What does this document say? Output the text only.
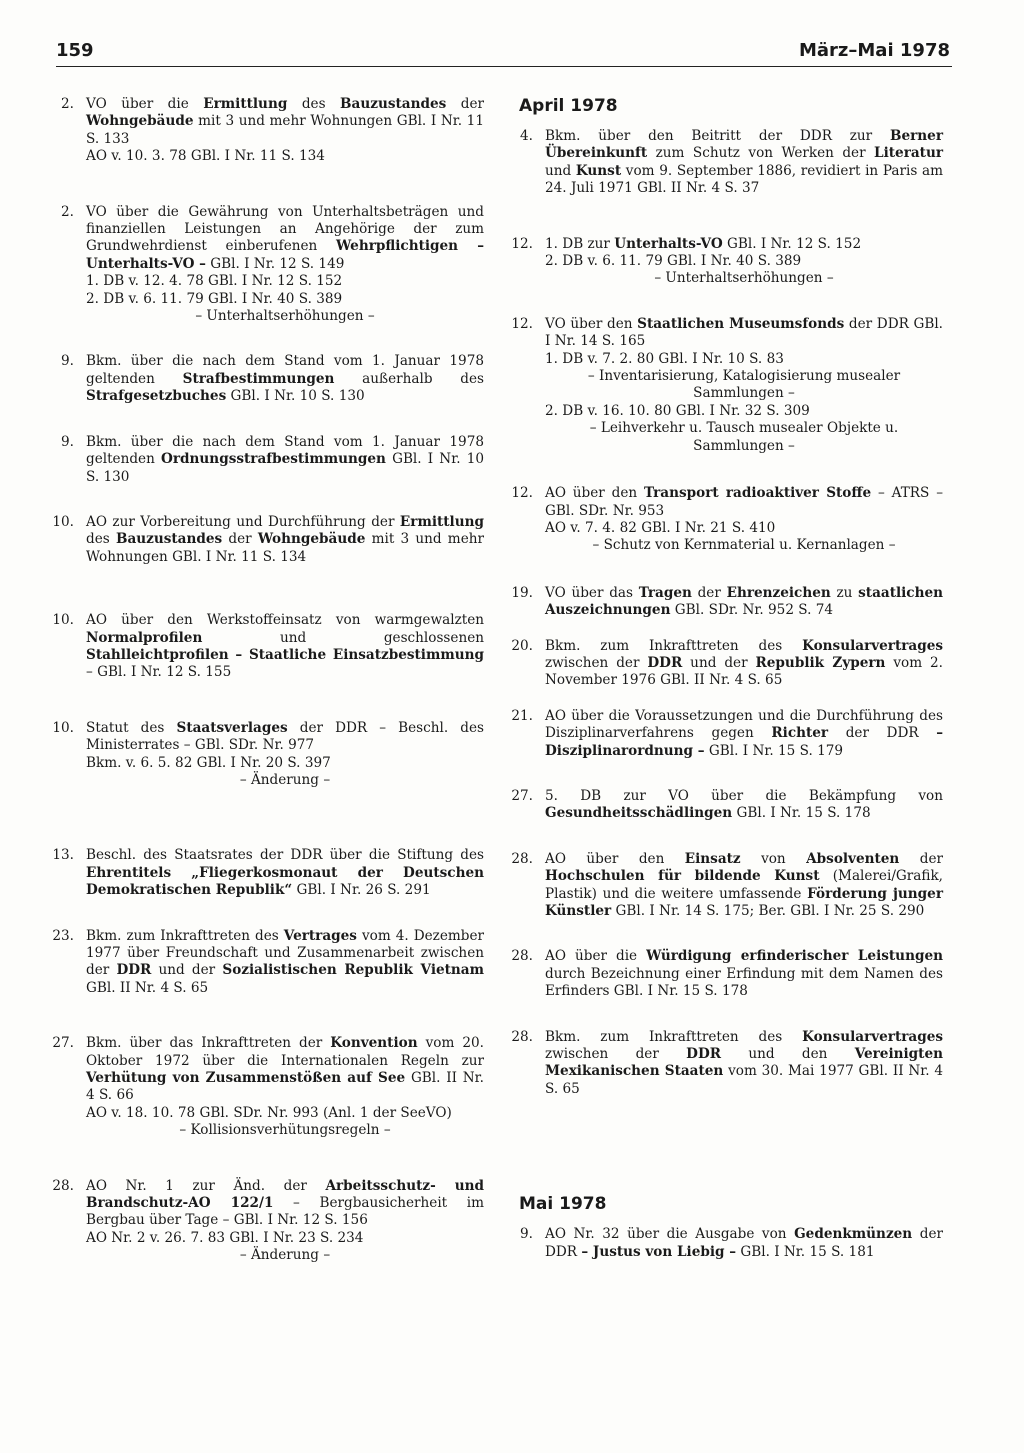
159	März–Mai 1978
2. VO über die Ermittlung des Bauzustandes der Wohngebäude mit 3 und mehr Wohnungen GBl. I Nr. 11 S. 133
AO v. 10. 3. 78 GBl. I Nr. 11 S. 134
2. VO über die Gewährung von Unterhaltsbeträgen und finanziellen Leistungen an Angehörige der zum Grundwehrdienst einberufenen Wehrpflichtigen – Unterhalts-VO – GBl. I Nr. 12 S. 149
1. DB v. 12. 4. 78 GBl. I Nr. 12 S. 152
2. DB v. 6. 11. 79 GBl. I Nr. 40 S. 389
– Unterhaltserhöhungen –
9. Bkm. über die nach dem Stand vom 1. Januar 1978 geltenden Strafbestimmungen außerhalb des Strafgesetzbuches GBl. I Nr. 10 S. 130
9. Bkm. über die nach dem Stand vom 1. Januar 1978 geltenden Ordnungsstrafbestimmungen GBl. I Nr. 10 S. 130
10. AO zur Vorbereitung und Durchführung der Ermittlung des Bauzustandes der Wohngebäude mit 3 und mehr Wohnungen GBl. I Nr. 11 S. 134
10. AO über den Werkstoffeinsatz von warmgewalzten Normalprofilen und geschlossenen Stahlleichtprofilen – Staatliche Einsatzbestimmung – GBl. I Nr. 12 S. 155
10. Statut des Staatsverlages der DDR – Beschl. des Ministerrates – GBl. SDr. Nr. 977
Bkm. v. 6. 5. 82 GBl. I Nr. 20 S. 397
– Änderung –
13. Beschl. des Staatsrates der DDR über die Stiftung des Ehrentitels „Fliegerkosmonaut der Deutschen Demokratischen Republik“ GBl. I Nr. 26 S. 291
23. Bkm. zum Inkrafttreten des Vertrages vom 4. Dezember 1977 über Freundschaft und Zusammenarbeit zwischen der DDR und der Sozialistischen Republik Vietnam GBl. II Nr. 4 S. 65
27. Bkm. über das Inkrafttreten der Konvention vom 20. Oktober 1972 über die Internationalen Regeln zur Verhütung von Zusammenstößen auf See GBl. II Nr. 4 S. 66
AO v. 18. 10. 78 GBl. SDr. Nr. 993 (Anl. 1 der SeeVO)
– Kollisionsverhütungsregeln –
28. AO Nr. 1 zur Änd. der Arbeitsschutz- und Brandschutz-AO 122/1 – Bergbausicherheit im Bergbau über Tage – GBl. I Nr. 12 S. 156
AO Nr. 2 v. 26. 7. 83 GBl. I Nr. 23 S. 234
– Änderung –
April 1978
4. Bkm. über den Beitritt der DDR zur Berner Übereinkunft zum Schutz von Werken der Literatur und Kunst vom 9. September 1886, revidiert in Paris am 24. Juli 1971 GBl. II Nr. 4 S. 37
12. 1. DB zur Unterhalts-VO GBl. I Nr. 12 S. 152
2. DB v. 6. 11. 79 GBl. I Nr. 40 S. 389
– Unterhaltserhöhungen –
12. VO über den Staatlichen Museumsfonds der DDR GBl. I Nr. 14 S. 165
1. DB v. 7. 2. 80 GBl. I Nr. 10 S. 83
– Inventarisierung, Katalogisierung musealer Sammlungen –
2. DB v. 16. 10. 80 GBl. I Nr. 32 S. 309
– Leihverkehr u. Tausch musealer Objekte u. Sammlungen –
12. AO über den Transport radioaktiver Stoffe – ATRS – GBl. SDr. Nr. 953
AO v. 7. 4. 82 GBl. I Nr. 21 S. 410
– Schutz von Kernmaterial u. Kernanlagen –
19. VO über das Tragen der Ehrenzeichen zu staatlichen Auszeichnungen GBl. SDr. Nr. 952 S. 74
20. Bkm. zum Inkrafttreten des Konsularvertrages zwischen der DDR und der Republik Zypern vom 2. November 1976 GBl. II Nr. 4 S. 65
21. AO über die Voraussetzungen und die Durchführung des Disziplinarverfahrens gegen Richter der DDR – Disziplinarordnung – GBl. I Nr. 15 S. 179
27. 5. DB zur VO über die Bekämpfung von Gesundheitsschädlingen GBl. I Nr. 15 S. 178
28. AO über den Einsatz von Absolventen der Hochschulen für bildende Kunst (Malerei/Grafik, Plastik) und die weitere umfassende Förderung junger Künstler GBl. I Nr. 14 S. 175; Ber. GBl. I Nr. 25 S. 290
28. AO über die Würdigung erfinderischer Leistungen durch Bezeichnung einer Erfindung mit dem Namen des Erfinders GBl. I Nr. 15 S. 178
28. Bkm. zum Inkrafttreten des Konsularvertrages zwischen der DDR und den Vereinigten Mexikanischen Staaten vom 30. Mai 1977 GBl. II Nr. 4 S. 65
Mai 1978
9. AO Nr. 32 über die Ausgabe von Gedenkmünzen der DDR – Justus von Liebig – GBl. I Nr. 15 S. 181
